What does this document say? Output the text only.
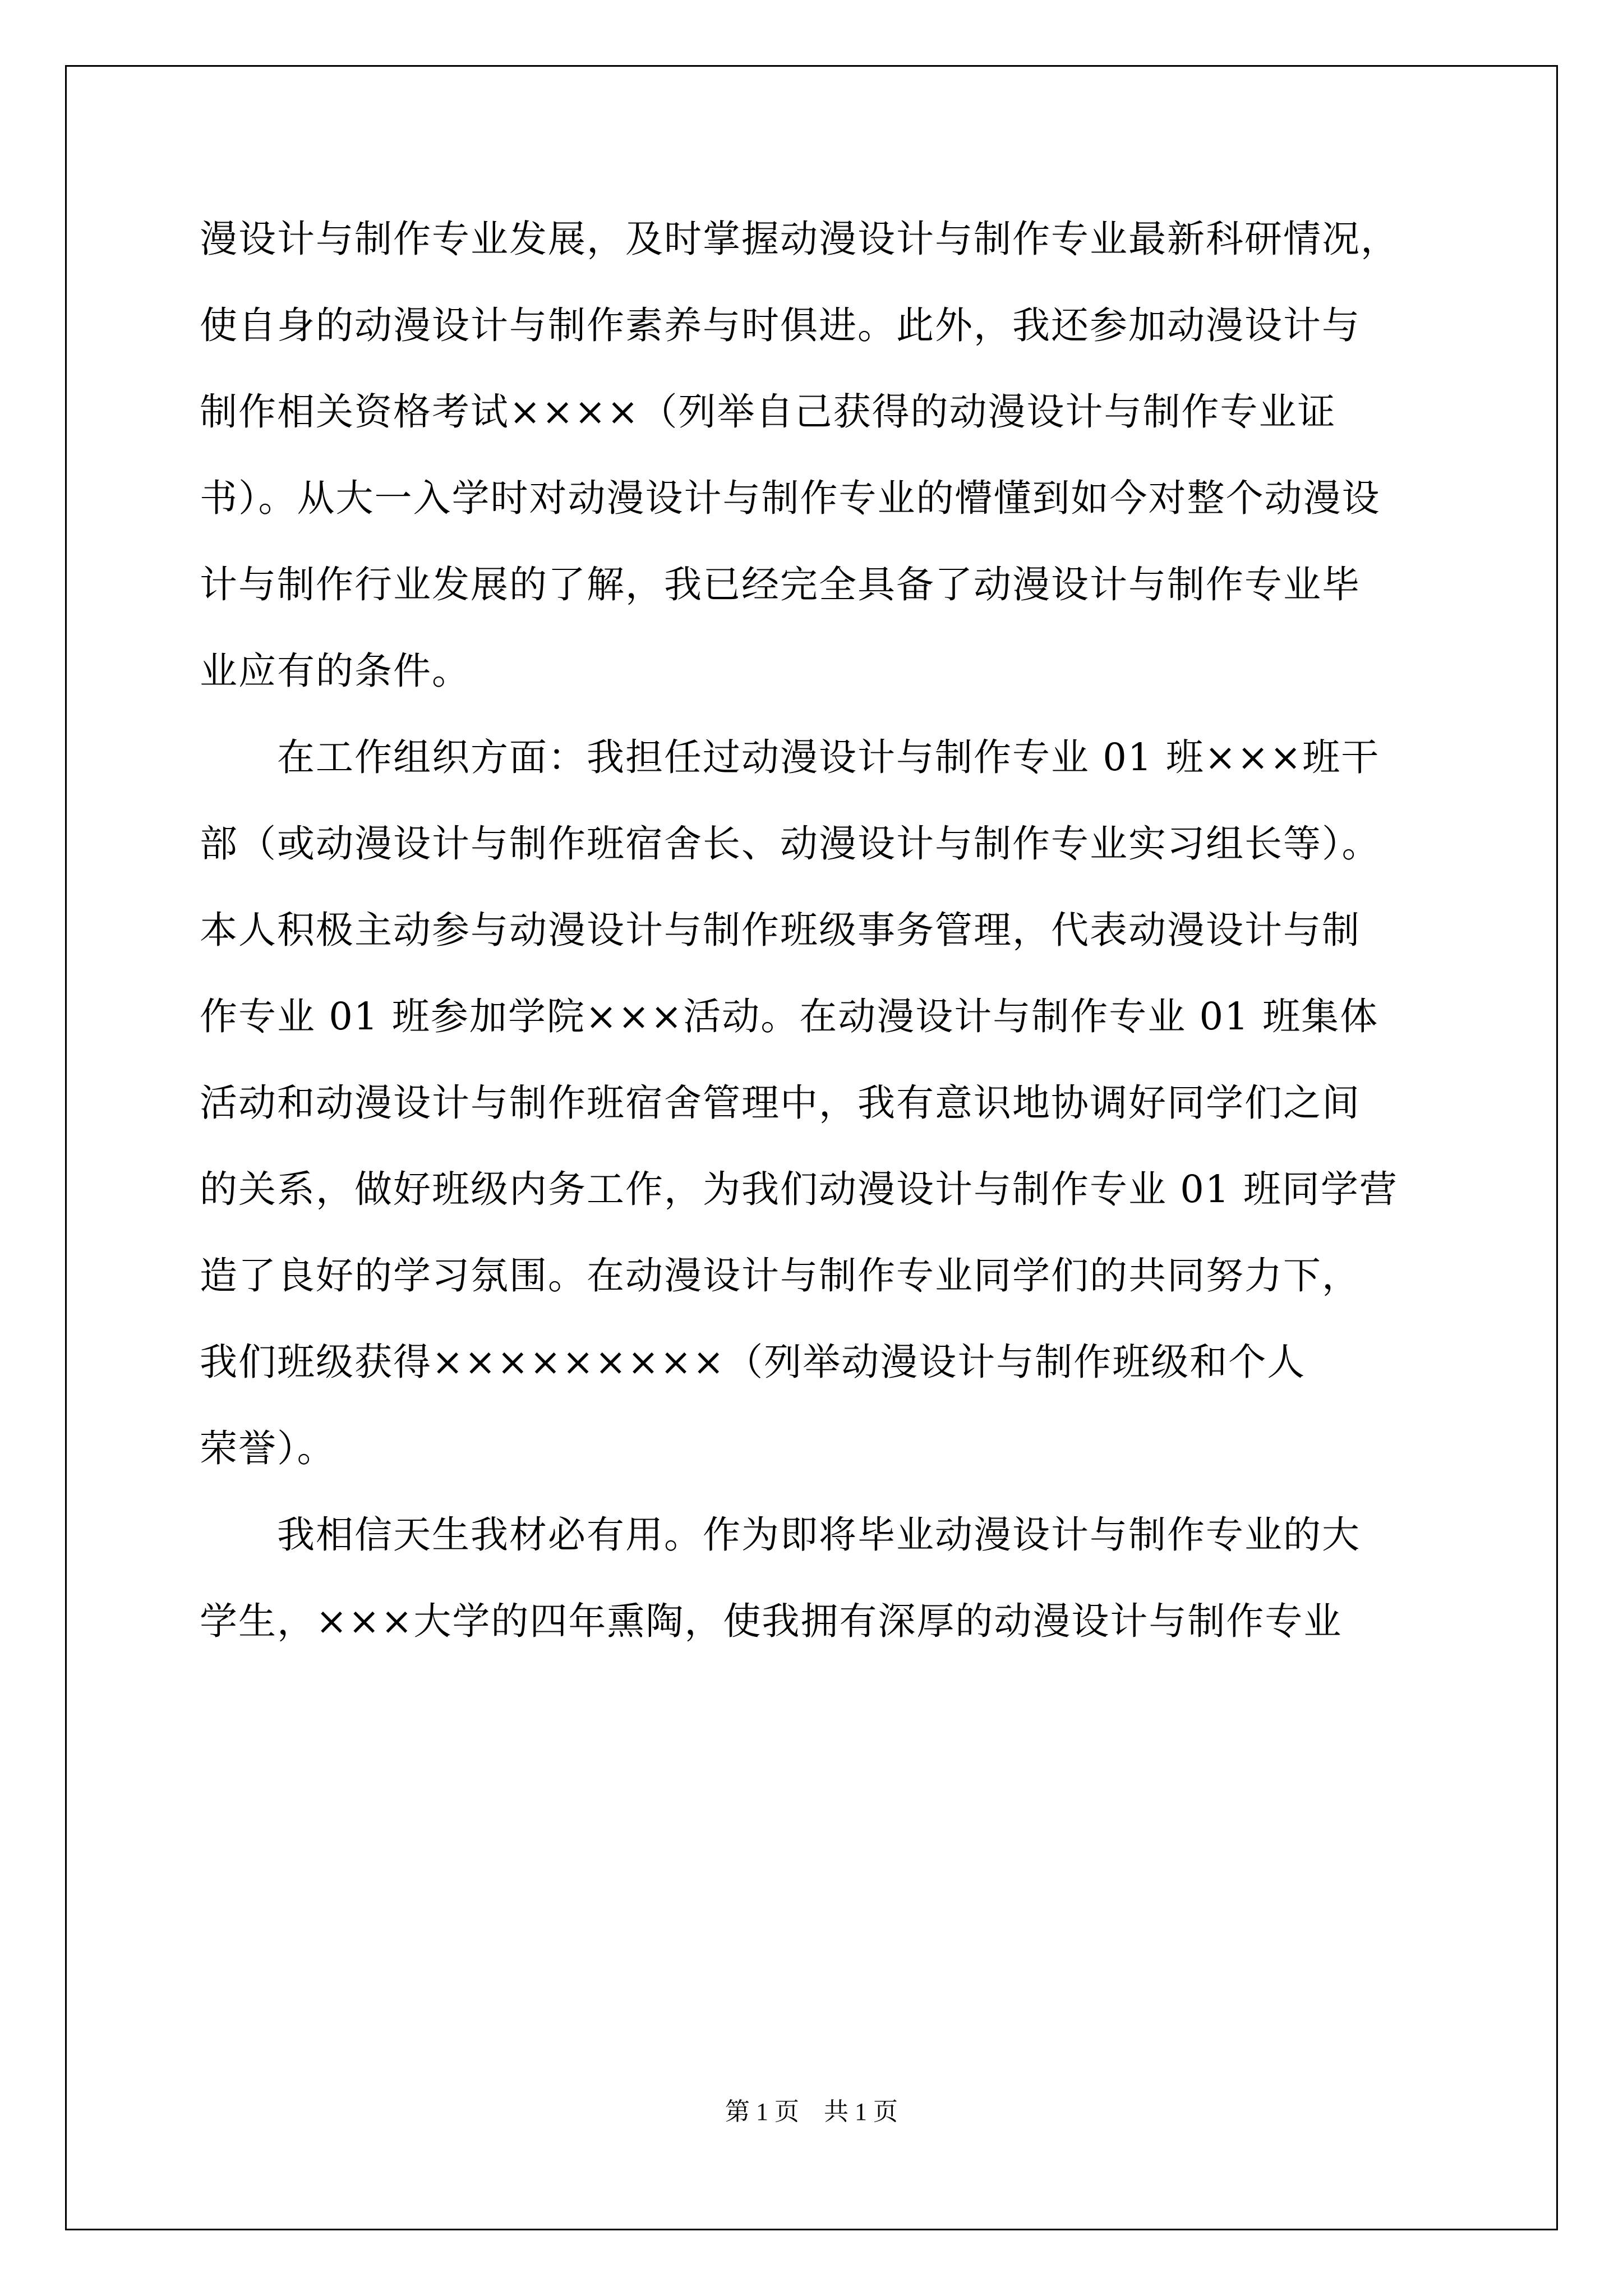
漫设计与制作专业发展，及时掌握动漫设计与制作专业最新科研情况，
使自身的动漫设计与制作素养与时俱进。此外，我还参加动漫设计与
制作相关资格考试××××（列举自己获得的动漫设计与制作专业证
书）。从大一入学时对动漫设计与制作专业的懵懂到如今对整个动漫设
计与制作行业发展的了解，我已经完全具备了动漫设计与制作专业毕
业应有的条件。
　　在工作组织方面：我担任过动漫设计与制作专业 01 班×××班干
部（或动漫设计与制作班宿舍长、动漫设计与制作专业实习组长等）。
本人积极主动参与动漫设计与制作班级事务管理，代表动漫设计与制
作专业 01 班参加学院×××活动。在动漫设计与制作专业 01 班集体
活动和动漫设计与制作班宿舍管理中，我有意识地协调好同学们之间
的关系，做好班级内务工作，为我们动漫设计与制作专业 01 班同学营
造了良好的学习氛围。在动漫设计与制作专业同学们的共同努力下，
我们班级获得×××××××××（列举动漫设计与制作班级和个人
荣誉）。
　　我相信天生我材必有用。作为即将毕业动漫设计与制作专业的大
学生，×××大学的四年熏陶，使我拥有深厚的动漫设计与制作专业
第 1 页　共 1 页
